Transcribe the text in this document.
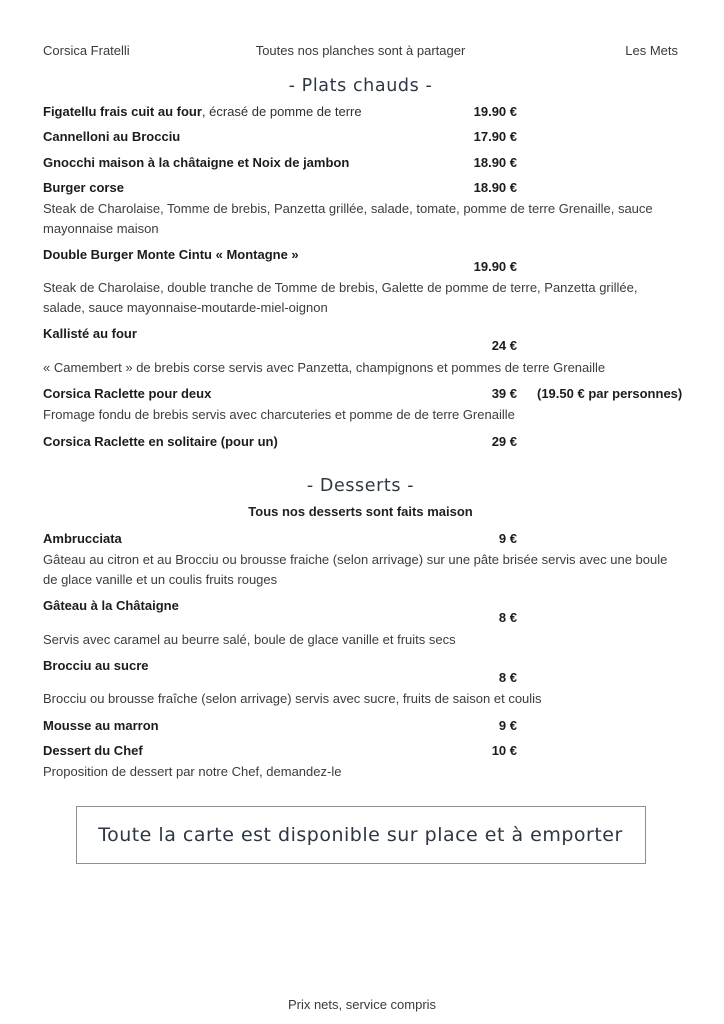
Corsica Fratelli	Toutes nos planches sont à partager	Les Mets
- Plats chauds -
Figatellu frais cuit au four, écrasé de pomme de terre	19.90 €
Cannelloni au Brocciu	17.90 €
Gnocchi maison à la châtaigne et Noix de jambon	18.90 €
Burger corse	18.90 €
Steak de Charolaise, Tomme de brebis, Panzetta grillée, salade, tomate, pomme de terre Grenaille, sauce mayonnaise maison
Double Burger Monte Cintu « Montagne »
19.90 €
Steak de Charolaise, double tranche de Tomme de brebis, Galette de pomme de terre, Panzetta grillée, salade, sauce mayonnaise-moutarde-miel-oignon
Kallisté au four
24 €
« Camembert » de brebis corse servis avec Panzetta, champignons et pommes de terre Grenaille
Corsica Raclette pour deux	39 €	(19.50 € par personnes)
Fromage fondu de brebis servis avec charcuteries et pomme de de terre Grenaille
Corsica Raclette en solitaire (pour un)	29 €
- Desserts -
Tous nos desserts sont faits maison
Ambrucciata	9 €
Gâteau au citron et au Brocciu ou brousse fraiche (selon arrivage) sur une pâte brisée servis avec une boule de glace vanille et un coulis fruits rouges
Gâteau à la Châtaigne
8 €
Servis avec caramel au beurre salé, boule de glace vanille et fruits secs
Brocciu au sucre
8 €
Brocciu ou brousse fraîche (selon arrivage) servis avec sucre, fruits de saison et coulis
Mousse au marron	9 €
Dessert du Chef	10 €
Proposition de dessert par notre Chef, demandez-le
Toute la carte est disponible sur place et à emporter
Prix nets, service compris
